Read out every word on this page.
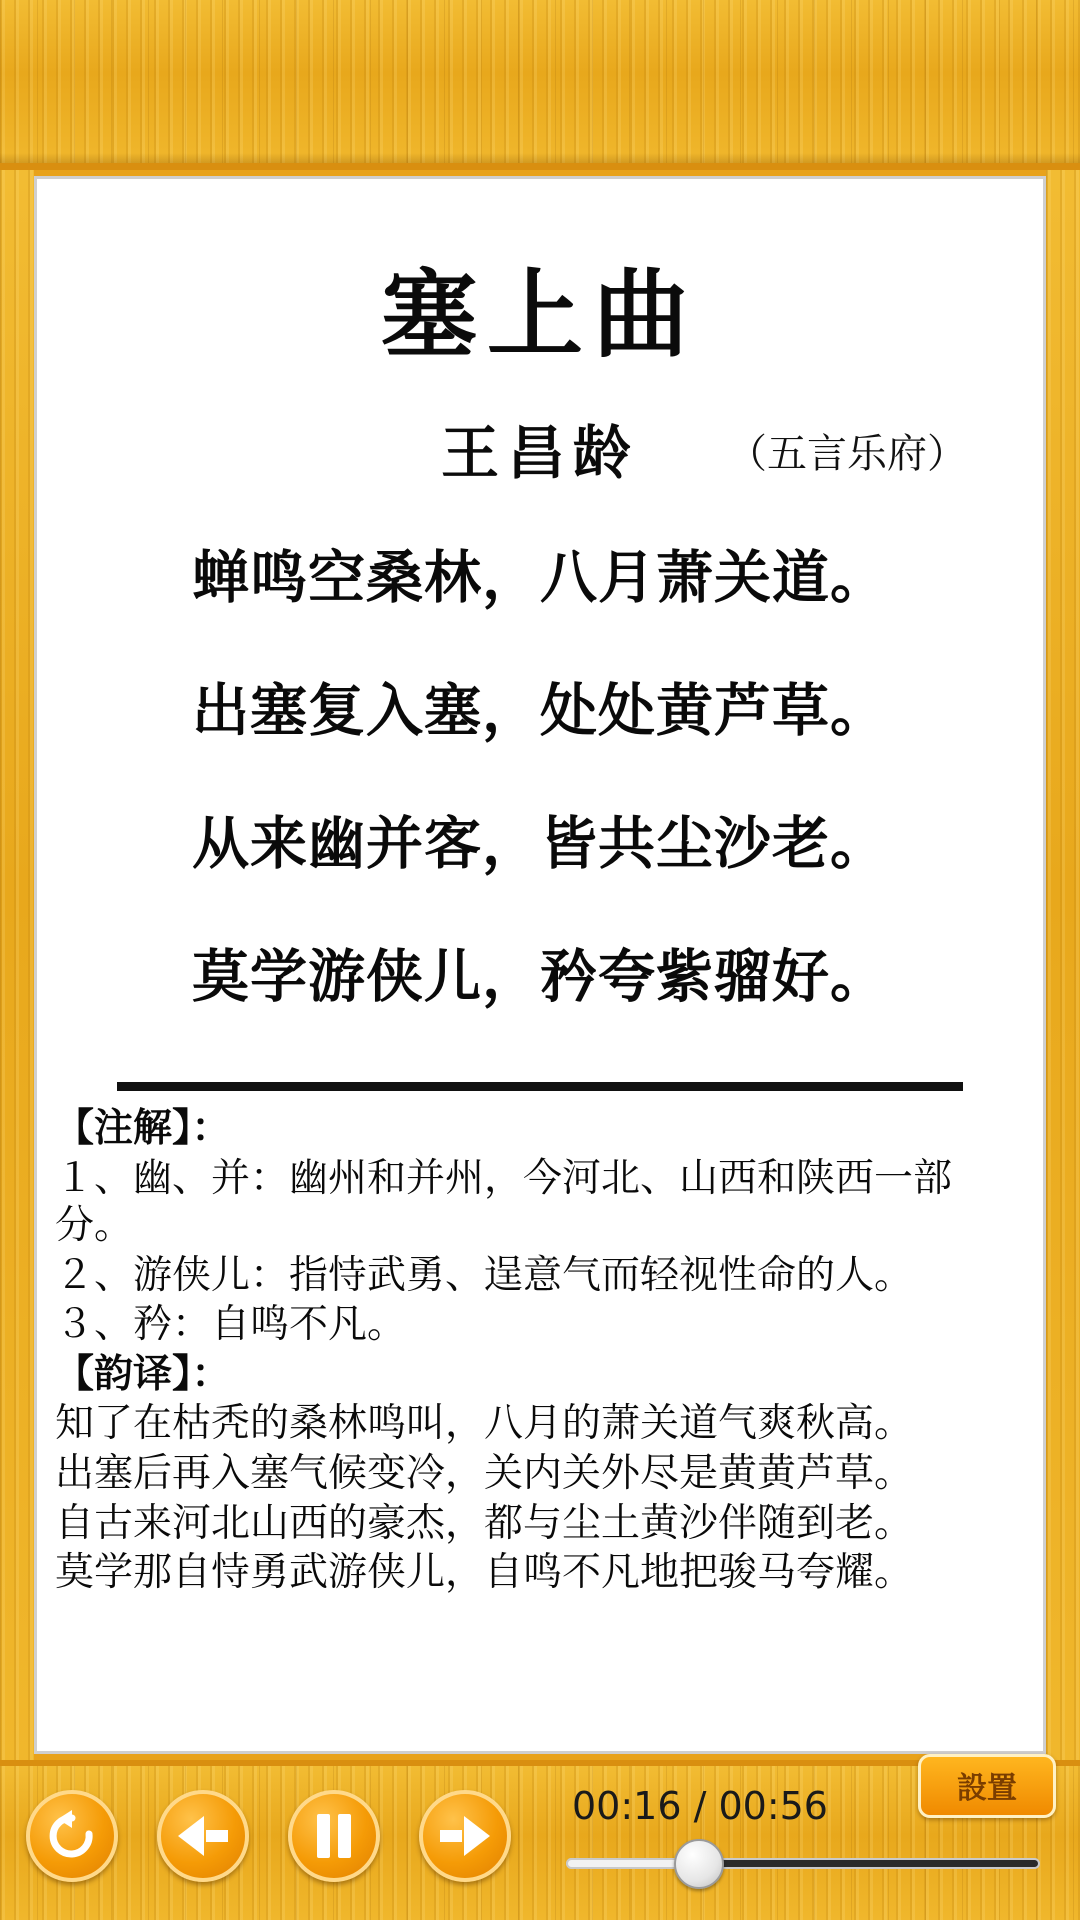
塞上曲
王昌龄	（五言乐府）

蝉鸣空桑林，八月萧关道。

出塞复入塞，处处黄芦草。

从来幽并客，皆共尘沙老。

莫学游侠儿，矜夸紫骝好。

【注解】：

１、幽、并：幽州和并州，今河北、山西和陕西一部分。

２、游侠儿：指恃武勇、逞意气而轻视性命的人。

３、矜：自鸣不凡。

【韵译】：

知了在枯秃的桑林鸣叫，八月的萧关道气爽秋高。

出塞后再入塞气候变冷，关内关外尽是黄黄芦草。

自古来河北山西的豪杰，都与尘土黄沙伴随到老。

莫学那自恃勇武游侠儿，自鸣不凡地把骏马夸耀。

00:16 / 00:56	設置
